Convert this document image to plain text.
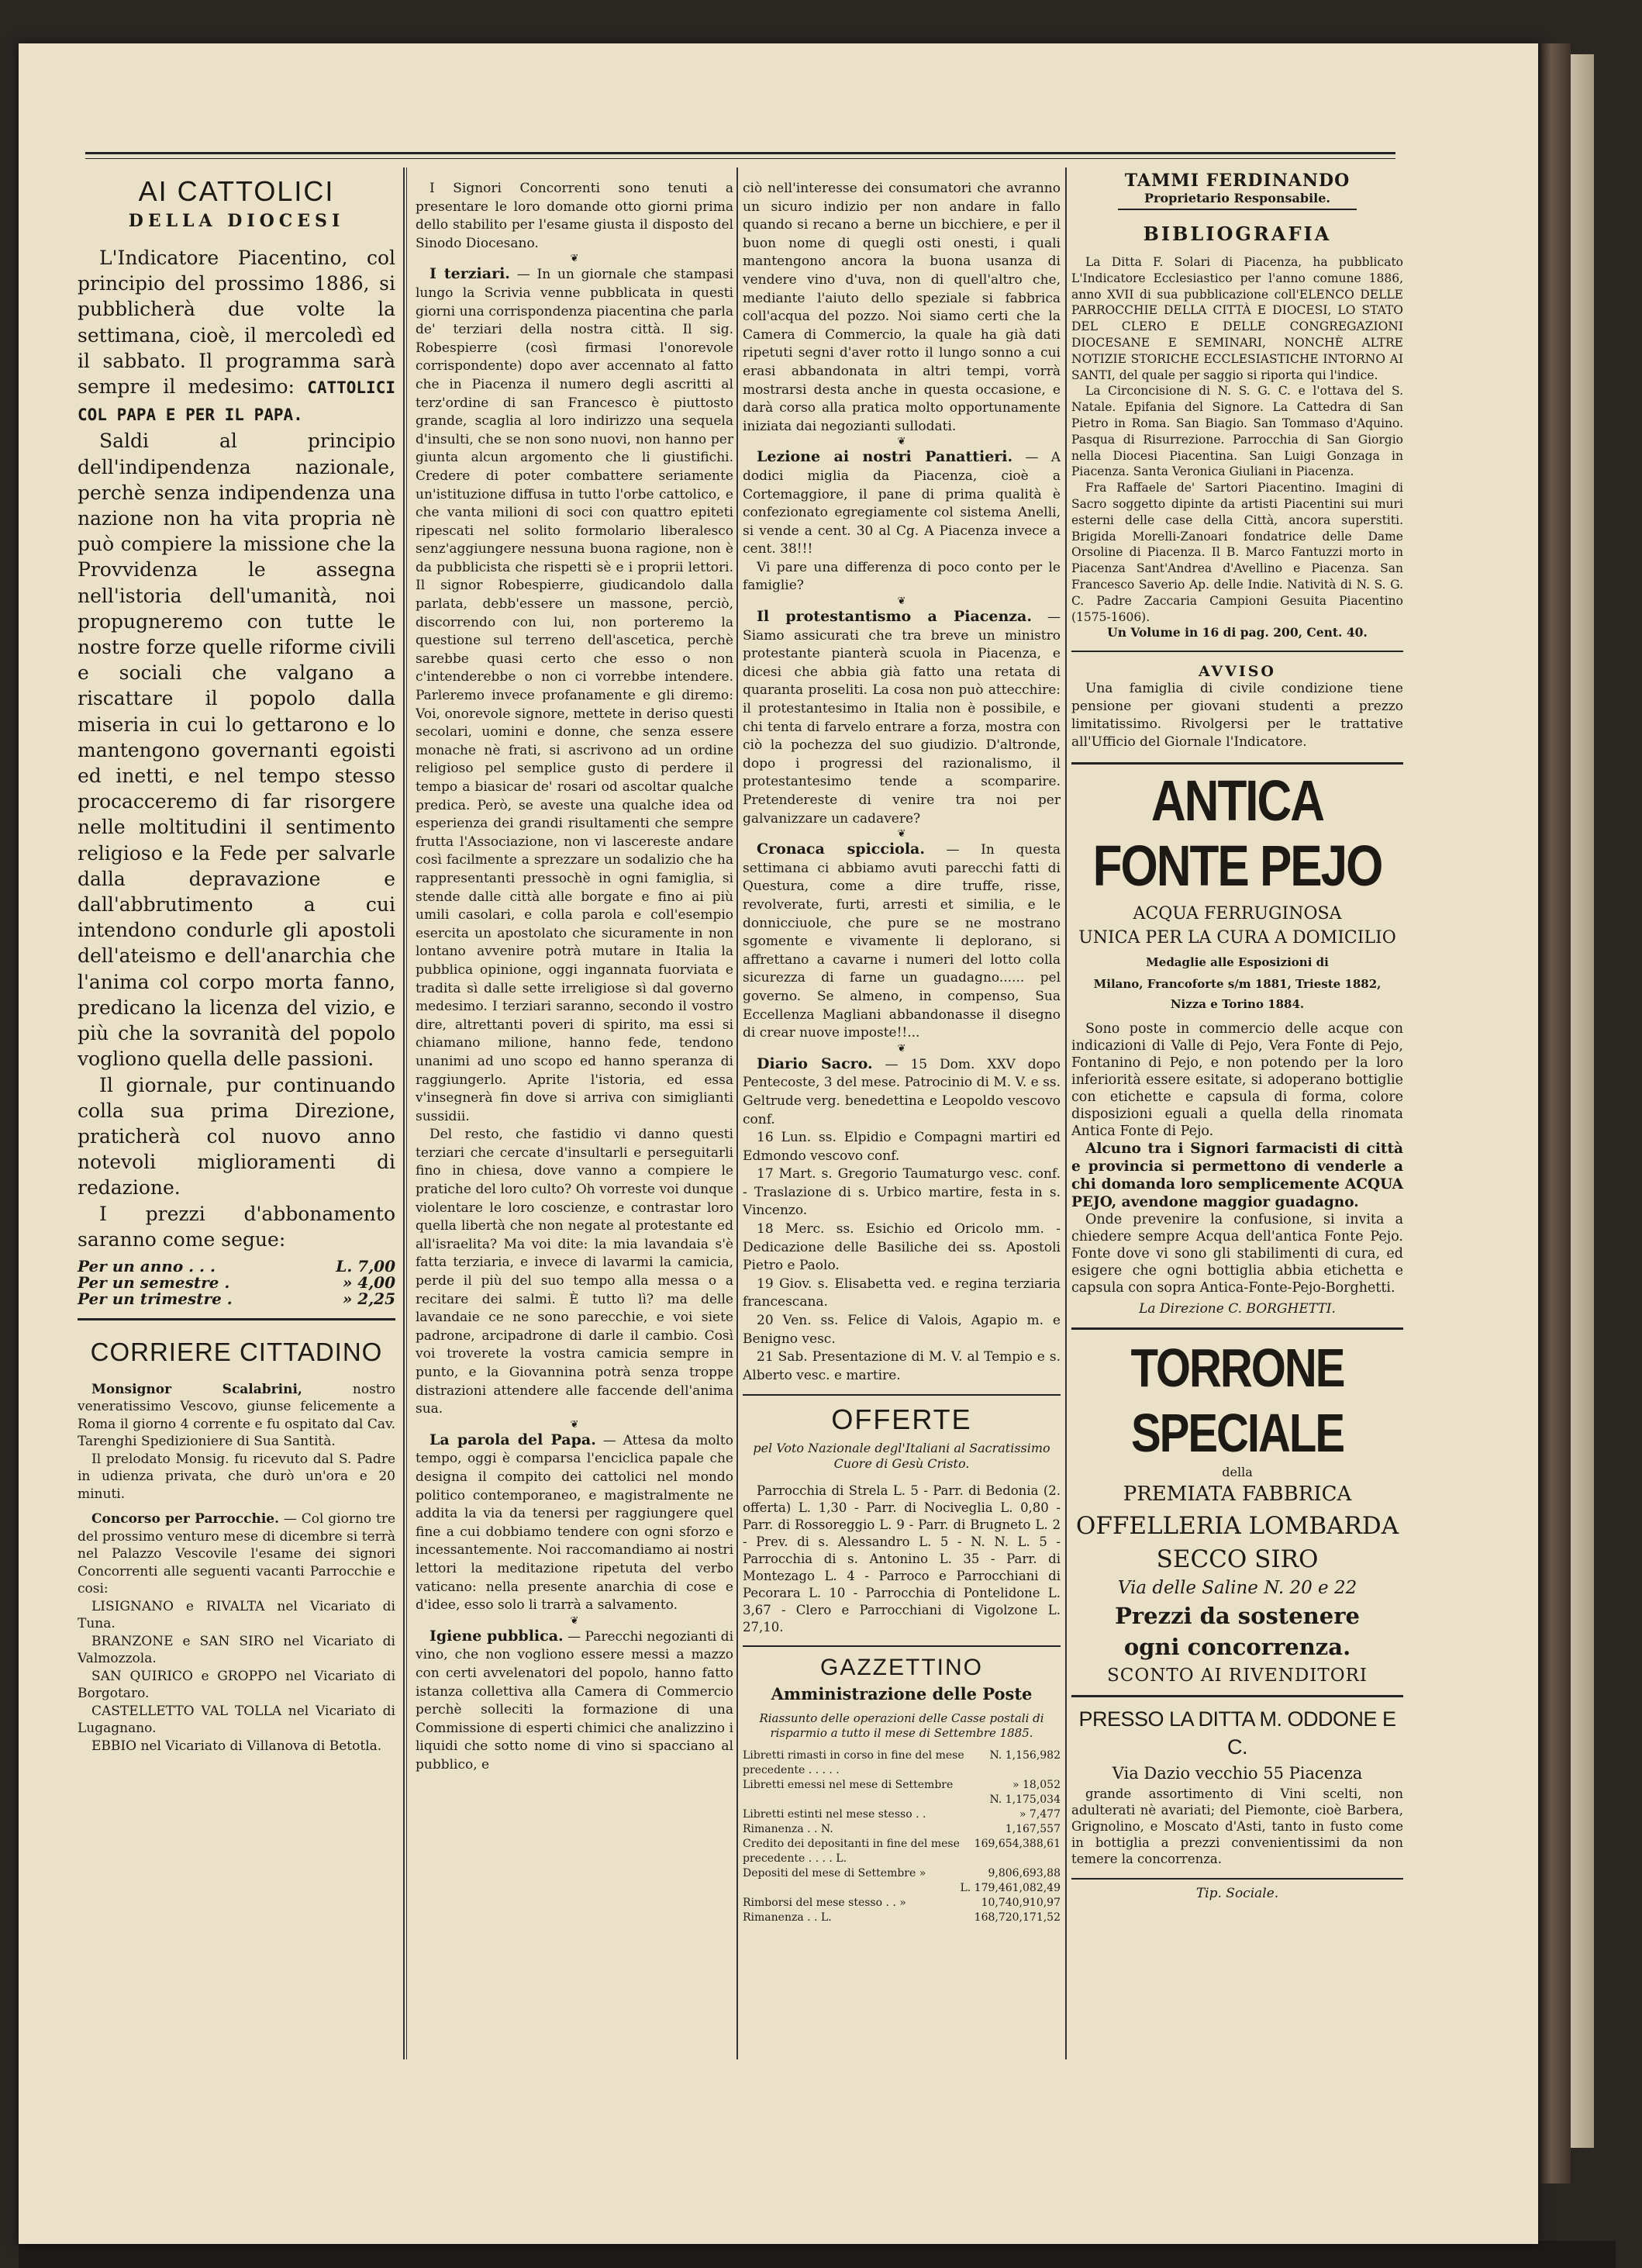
AI CATTOLICI
DELLA DIOCESI

L'Indicatore Piacentino, col principio del prossimo 1886, si pubblicherà due volte la settimana, cioè, il mercoledì ed il sabbato. Il programma sarà sempre il medesimo: CATTOLICI COL PAPA E PER IL PAPA.

Saldi al principio dell'indipendenza nazionale, perchè senza indipendenza una nazione non ha vita propria nè può compiere la missione che la Provvidenza le assegna nell'istoria dell'umanità, noi propugneremo con tutte le nostre forze quelle riforme civili e sociali che valgano a riscattare il popolo dalla miseria in cui lo gettarono e lo mantengono governanti egoisti ed inetti, e nel tempo stesso procacceremo di far risorgere nelle moltitudini il sentimento religioso e la Fede per salvarle dalla depravazione e dall'abbrutimento a cui intendono condurle gli apostoli dell'ateismo e dell'anarchia che l'anima col corpo morta fanno, predicano la licenza del vizio, e più che la sovranità del popolo vogliono quella delle passioni.

Il giornale, pur continuando colla sua prima Direzione, praticherà col nuovo anno notevoli miglioramenti di redazione.

I prezzi d'abbonamento saranno come segue:

Per un anno . . .	L. 7,00
Per un semestre .	» 4,00
Per un trimestre .	» 2,25
CORRIERE CITTADINO

Monsignor Scalabrini,	nostro veneratissimo Vescovo, giunse felicemente a Roma il giorno 4 corrente e fu ospitato dal Cav. Tarenghi Spedizioniere di Sua Santità.

Il prelodato Monsig. fu ricevuto dal S. Padre in udienza privata, che durò un'ora e 20 minuti.

Concorso per Parrocchie. — Col giorno tre del prossimo venturo mese di dicembre si terrà nel Palazzo Vescovile l'esame dei signori Concorrenti alle seguenti vacanti Parrocchie e cosi:

LISIGNANO e RIVALTA nel Vicariato di Tuna.

BRANZONE e SAN SIRO nel Vicariato di Valmozzola.

SAN QUIRICO e GROPPO nel Vicariato di Borgotaro.

CASTELLETTO VAL TOLLA nel Vicariato di Lugagnano.

EBBIO nel Vicariato di Villanova di Betotla.

I Signori Concorrenti sono tenuti a presentare le loro domande otto giorni prima dello stabilito per l'esame giusta il disposto del Sinodo Diocesano.

❦

I terziari. — In un giornale che stampasi lungo la Scrivia venne pubblicata in questi giorni una corrispondenza piacentina che parla de' terziari della nostra città. Il sig. Robespierre (così firmasi l'onorevole corrispondente) dopo aver accennato al fatto che in Piacenza il numero degli ascritti al terz'ordine di san Francesco è piuttosto grande, scaglia al loro indirizzo una sequela d'insulti, che se non sono nuovi, non hanno per giunta alcun argomento che li giustifichi. Credere di poter combattere seriamente un'istituzione diffusa in tutto l'orbe cattolico, e che vanta milioni di soci con quattro epiteti ripescati nel solito formolario liberalesco senz'aggiungere nessuna buona ragione, non è da pubblicista che rispetti sè e i proprii lettori. Il signor Robespierre, giudicandolo dalla parlata, debb'essere un massone, perciò, discorrendo con lui, non porteremo la questione sul terreno dell'ascetica, perchè sarebbe quasi certo che esso o non c'intenderebbe o non ci vorrebbe intendere. Parleremo invece profanamente e gli diremo: Voi, onorevole signore, mettete in deriso questi secolari, uomini e donne, che senza essere monache nè frati, si ascrivono ad un ordine religioso pel semplice gusto di perdere il tempo a biasicar de' rosari od ascoltar qualche predica. Però, se aveste una qualche idea od esperienza dei grandi risultamenti che sempre frutta l'Associazione, non vi lascereste andare così facilmente a sprezzare un sodalizio che ha rappresentanti pressochè in ogni famiglia, si stende dalle città alle borgate e fino ai più umili casolari, e colla parola e coll'esempio esercita un apostolato che sicuramente in non lontano avvenire potrà mutare in Italia la pubblica opinione, oggi ingannata fuorviata e tradita sì dalle sette irreligiose sì dal governo medesimo. I terziari saranno, secondo il vostro dire, altrettanti poveri di spirito, ma essi si chiamano milione, hanno fede, tendono unanimi ad uno scopo ed hanno speranza di raggiungerlo. Aprite l'istoria, ed essa v'insegnerà fin dove si arriva con simiglianti sussidii.

Del resto, che fastidio vi danno questi terziari che cercate d'insultarli e perseguitarli fino in chiesa, dove vanno a compiere le pratiche del loro culto? Oh vorreste voi dunque violentare le loro coscienze, e contrastar loro quella libertà che non negate al protestante ed all'israelita? Ma voi dite: la mia lavandaia s'è fatta terziaria, e invece di lavarmi la camicia, perde il più del suo tempo alla messa o a recitare dei salmi. È tutto lì? ma delle lavandaie ce ne sono parecchie, e voi siete padrone, arcipadrone di darle il cambio. Così voi troverete la vostra camicia sempre in punto, e la Giovannina potrà senza troppe distrazioni attendere alle faccende dell'anima sua.

❦

La parola del Papa. — Attesa da molto tempo, oggi è comparsa l'enciclica papale che designa il compito dei cattolici nel mondo politico contemporaneo, e magistralmente ne addita la via da tenersi per raggiungere quel fine a cui dobbiamo tendere con ogni sforzo e incessantemente. Noi raccomandiamo ai nostri lettori la meditazione ripetuta del verbo vaticano: nella presente anarchia di cose e d'idee, esso solo li trarrà a salvamento.

❦

Igiene pubblica. — Parecchi negozianti di vino, che non vogliono essere messi a mazzo con certi avvelenatori del popolo, hanno fatto istanza collettiva alla Camera di Commercio perchè solleciti la formazione di una Commissione di esperti chimici che analizzino i liquidi che sotto nome di vino si spacciano al pubblico, e

ciò nell'interesse dei consumatori che avranno un sicuro indizio per non andare in fallo quando si recano a berne un bicchiere, e per il buon nome di quegli osti onesti, i quali mantengono ancora la buona usanza di vendere vino d'uva, non di quell'altro che, mediante l'aiuto dello speziale si fabbrica coll'acqua del pozzo. Noi siamo certi che la Camera di Commercio, la quale ha già dati ripetuti segni d'aver rotto il lungo sonno a cui erasi abbandonata in altri tempi, vorrà mostrarsi desta anche in questa occasione, e darà corso alla pratica molto opportunamente iniziata dai negozianti sullodati.

❦

Lezione ai nostri Panattieri. — A dodici miglia da Piacenza, cioè a Cortemaggiore, il pane di prima qualità è confezionato egregiamente col sistema Anelli, si vende a cent. 30 al Cg. A Piacenza invece a cent. 38!!!

Vi pare una differenza di poco conto per le famiglie?

❦

Il protestantismo a Piacenza. — Siamo assicurati che tra breve un ministro protestante pianterà scuola in Piacenza, e dicesi che abbia già fatto una retata di quaranta proseliti. La cosa non può attecchire: il protestantesimo in Italia non è possibile, e chi tenta di farvelo entrare a forza, mostra con ciò la pochezza del suo giudizio. D'altronde, dopo i progressi del razionalismo, il protestantesimo tende a scomparire. Pretendereste di venire tra noi per galvanizzare un cadavere?

❦

Cronaca spicciola. — In questa settimana ci abbiamo avuti parecchi fatti di Questura, come a dire truffe, risse, revolverate, furti, arresti et similia, e le donnicciuole, che pure se ne mostrano sgomente e vivamente li deplorano, si affrettano a cavarne i numeri del lotto colla sicurezza di farne un guadagno...... pel governo. Se almeno, in compenso, Sua Eccellenza Magliani abbandonasse il disegno di crear nuove imposte!!...

❦

Diario Sacro. — 15 Dom. XXV dopo Pentecoste, 3 del mese. Patrocinio di M. V. e ss. Geltrude verg. benedettina e Leopoldo vescovo conf.

16 Lun. ss. Elpidio e Compagni martiri ed Edmondo vescovo conf.

17 Mart. s. Gregorio Taumaturgo vesc. conf. - Traslazione di s. Urbico martire, festa in s. Vincenzo.

18 Merc. ss. Esichio ed Oricolo mm. - Dedicazione delle Basiliche dei ss. Apostoli Pietro e Paolo.

19 Giov. s. Elisabetta ved. e regina terziaria francescana.

20 Ven. ss. Felice di Valois, Agapio m. e Benigno vesc.

21 Sab. Presentazione di M. V. al Tempio e s. Alberto vesc. e martire.

OFFERTE
pel Voto Nazionale degl'Italiani al Sacratissimo Cuore di Gesù Cristo.

Parrocchia di Strela L. 5 - Parr. di Bedonia (2. offerta) L. 1,30 - Parr. di Nociveglia L. 0,80 - Parr. di Rossoreggio L. 9 - Parr. di Brugneto L. 2 - Prev. di s. Alessandro L. 5 - N. N. L. 5 - Parrocchia di s. Antonino L. 35 - Parr. di Montezago L. 4 - Parroco e Parrocchiani di Pecorara L. 10 - Parrocchia di Pontelidone L. 3,67 - Clero e Parrocchiani di Vigolzone L. 27,10.

GAZZETTINO
Amministrazione delle Poste
Riassunto delle operazioni delle Casse postali di risparmio a tutto il mese di Settembre 1885.
Libretti rimasti in corso in fine del mese precedente . . . . .
N. 1,156,982
Libretti emessi nel mese di Settembre	» 18,052
N. 1,175,034
Libretti estinti nel mese stesso . .	» 7,477
Rimanenza . . N.	1,167,557
Credito dei depositanti in fine del mese precedente . . . . L.
169,654,388,61
Depositi del mese di Settembre »	9,806,693,88
L. 179,461,082,49
Rimborsi del mese stesso . . »	10,740,910,97
Rimanenza . . L.	168,720,171,52
TAMMI FERDINANDO
Proprietario Responsabile.
BIBLIOGRAFIA

La Ditta F. Solari di Piacenza, ha pubblicato L'Indicatore Ecclesiastico per l'anno comune 1886, anno XVII di sua pubblicazione coll'ELENCO DELLE PARROCCHIE DELLA CITTÀ E DIOCESI, LO STATO DEL CLERO E DELLE CONGREGAZIONI DIOCESANE E SEMINARI, NONCHÈ ALTRE NOTIZIE STORICHE ECCLESIASTICHE INTORNO AI SANTI, del quale per saggio si riporta qui l'indice.

La Circoncisione di N. S. G. C. e l'ottava del S. Natale. Epifania del Signore. La Cattedra di San Pietro in Roma. San Biagio. San Tommaso d'Aquino. Pasqua di Risurrezione. Parrocchia di San Giorgio nella Diocesi Piacentina. San Luigi Gonzaga in Piacenza. Santa Veronica Giuliani in Piacenza.

Fra Raffaele de' Sartori Piacentino. Imagini di Sacro soggetto dipinte da artisti Piacentini sui muri esterni delle case della Città, ancora superstiti. Brigida Morelli-Zanoari fondatrice delle Dame Orsoline di Piacenza. Il B. Marco Fantuzzi morto in Piacenza Sant'Andrea d'Avellino e Piacenza. San Francesco Saverio Ap. delle Indie. Natività di N. S. G. C. Padre Zaccaria Campioni Gesuita Piacentino (1575-1606).

Un Volume in 16 di pag. 200, Cent. 40.

AVVISO

Una famiglia di civile condizione tiene pensione per giovani studenti a prezzo limitatissimo. Rivolgersi per le trattative all'Ufficio del Giornale l'Indicatore.

ANTICA FONTE PEJO
ACQUA FERRUGINOSA
UNICA PER LA CURA A DOMICILIO
Medaglie alle Esposizioni di
Milano, Francoforte s/m 1881, Trieste 1882,
Nizza e Torino 1884.

Sono poste in commercio delle acque con indicazioni di Valle di Pejo, Vera Fonte di Pejo, Fontanino di Pejo, e non potendo per la loro inferiorità essere esitate, si adoperano bottiglie con etichette e capsula di forma, colore disposizioni eguali a quella della rinomata Antica Fonte di Pejo.

Alcuno tra i Signori farmacisti di città e provincia si permettono di venderle a chi domanda loro semplicemente ACQUA PEJO, avendone maggior guadagno.

Onde prevenire la confusione, si invita a chiedere sempre Acqua dell'antica Fonte Pejo. Fonte dove vi sono gli stabilimenti di cura, ed esigere che ogni bottiglia abbia etichetta e capsula con sopra Antica-Fonte-Pejo-Borghetti.

La Direzione C. BORGHETTI.
TORRONE SPECIALE
della
PREMIATA FABBRICA
OFFELLERIA LOMBARDA
SECCO SIRO
Via delle Saline N. 20 e 22
Prezzi da sostenere
ogni concorrenza.
SCONTO AI RIVENDITORI
PRESSO LA DITTA M. ODDONE E C.
Via Dazio vecchio 55 Piacenza

grande assortimento di Vini scelti, non adulterati nè avariati; del Piemonte, cioè Barbera, Grignolino, e Moscato d'Asti, tanto in fusto come in bottiglia a prezzi convenientissimi da non temere la concorrenza.

Tip. Sociale.
